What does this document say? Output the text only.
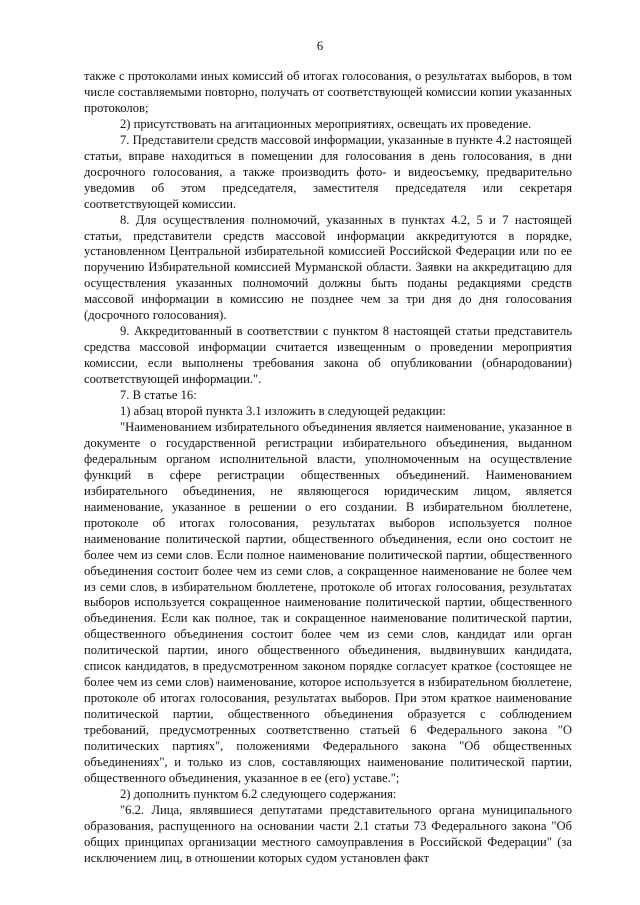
6

также с протоколами иных комиссий об итогах голосования, о результатах выборов, в том числе составляемыми повторно, получать от соответствующей комиссии копии указанных протоколов;

2) присутствовать на агитационных мероприятиях, освещать их проведение.

7. Представители средств массовой информации, указанные в пункте 4.2 настоящей статьи, вправе находиться в помещении для голосования в день голосования, в дни досрочного голосования, а также производить фото- и видеосъемку, предварительно уведомив об этом председателя, заместителя председателя или секретаря соответствующей комиссии.

8. Для осуществления полномочий, указанных в пунктах 4.2, 5 и 7 настоящей статьи, представители средств массовой информации аккредитуются в порядке, установленном Центральной избирательной комиссией Российской Федерации или по ее поручению Избирательной комиссией Мурманской области. Заявки на аккредитацию для осуществления указанных полномочий должны быть поданы редакциями средств массовой информации в комиссию не позднее чем за три дня до дня голосования (досрочного голосования).

9. Аккредитованный в соответствии с пунктом 8 настоящей статьи представитель средства массовой информации считается извещенным о проведении мероприятия комиссии, если выполнены требования закона об опубликовании (обнародовании) соответствующей информации.".

7. В статье 16:

1) абзац второй пункта 3.1 изложить в следующей редакции:

"Наименованием избирательного объединения является наименование, указанное в документе о государственной регистрации избирательного объединения, выданном федеральным органом исполнительной власти, уполномоченным на осуществление функций в сфере регистрации общественных объединений. Наименованием избирательного объединения, не являющегося юридическим лицом, является наименование, указанное в решении о его создании. В избирательном бюллетене, протоколе об итогах голосования, результатах выборов используется полное наименование политической партии, общественного объединения, если оно состоит не более чем из семи слов. Если полное наименование политической партии, общественного объединения состоит более чем из семи слов, а сокращенное наименование не более чем из семи слов, в избирательном бюллетене, протоколе об итогах голосования, результатах выборов используется сокращенное наименование политической партии, общественного объединения. Если как полное, так и сокращенное наименование политической партии, общественного объединения состоит более чем из семи слов, кандидат или орган политической партии, иного общественного объединения, выдвинувших кандидата, список кандидатов, в предусмотренном законом порядке согласует краткое (состоящее не более чем из семи слов) наименование, которое используется в избирательном бюллетене, протоколе об итогах голосования, результатах выборов. При этом краткое наименование политической партии, общественного объединения образуется с соблюдением требований, предусмотренных соответственно статьей 6 Федерального закона "О политических партиях", положениями Федерального закона "Об общественных объединениях", и только из слов, составляющих наименование политической партии, общественного объединения, указанное в ее (его) уставе.";

2) дополнить пунктом 6.2 следующего содержания:

"6.2. Лица, являвшиеся депутатами представительного органа муниципального образования, распущенного на основании части 2.1 статьи 73 Федерального закона "Об общих принципах организации местного самоуправления в Российской Федерации" (за исключением лиц, в отношении которых судом установлен факт
